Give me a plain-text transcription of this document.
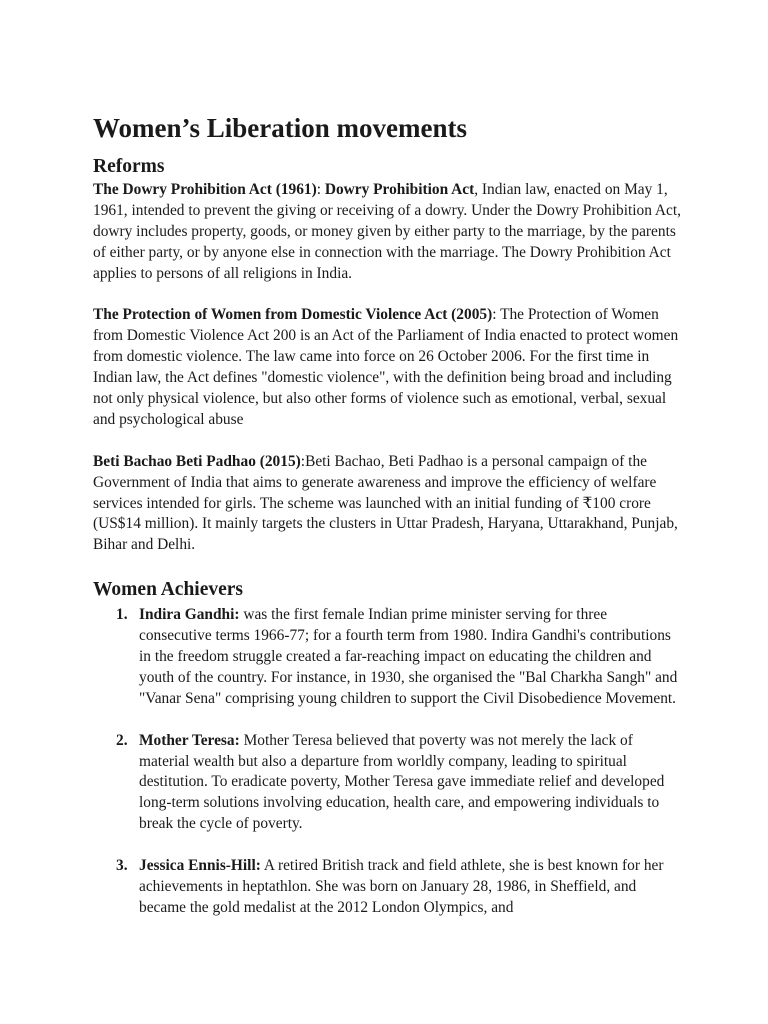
Women’s Liberation movements
Reforms

The Dowry Prohibition Act (1961): Dowry Prohibition Act, Indian law, enacted on May 1, 1961, intended to prevent the giving or receiving of a dowry. Under the Dowry Prohibition Act, dowry includes property, goods, or money given by either party to the marriage, by the parents of either party, or by anyone else in connection with the marriage. The Dowry Prohibition Act applies to persons of all religions in India.

The Protection of Women from Domestic Violence Act (2005): The Protection of Women from Domestic Violence Act 200 is an Act of the Parliament of India enacted to protect women from domestic violence. The law came into force on 26 October 2006. For the first time in Indian law, the Act defines "domestic violence", with the definition being broad and including not only physical violence, but also other forms of violence such as emotional, verbal, sexual and psychological abuse

Beti Bachao Beti Padhao (2015):Beti Bachao, Beti Padhao is a personal campaign of the Government of India that aims to generate awareness and improve the efficiency of welfare services intended for girls. The scheme was launched with an initial funding of ₹100 crore (US$14 million). It mainly targets the clusters in Uttar Pradesh, Haryana, Uttarakhand, Punjab, Bihar and Delhi.

Women Achievers
1. Indira Gandhi: was the first female Indian prime minister serving for three consecutive terms 1966-77; for a fourth term from 1980. Indira Gandhi's contributions in the freedom struggle created a far-reaching impact on educating the children and youth of the country. For instance, in 1930, she organised the "Bal Charkha Sangh" and "Vanar Sena" comprising young children to support the Civil Disobedience Movement.
2. Mother Teresa: Mother Teresa believed that poverty was not merely the lack of material wealth but also a departure from worldly company, leading to spiritual destitution. To eradicate poverty, Mother Teresa gave immediate relief and developed long-term solutions involving education, health care, and empowering individuals to break the cycle of poverty.
3. Jessica Ennis-Hill: A retired British track and field athlete, she is best known for her achievements in heptathlon. She was born on January 28, 1986, in Sheffield, and became the gold medalist at the 2012 London Olympics, and
